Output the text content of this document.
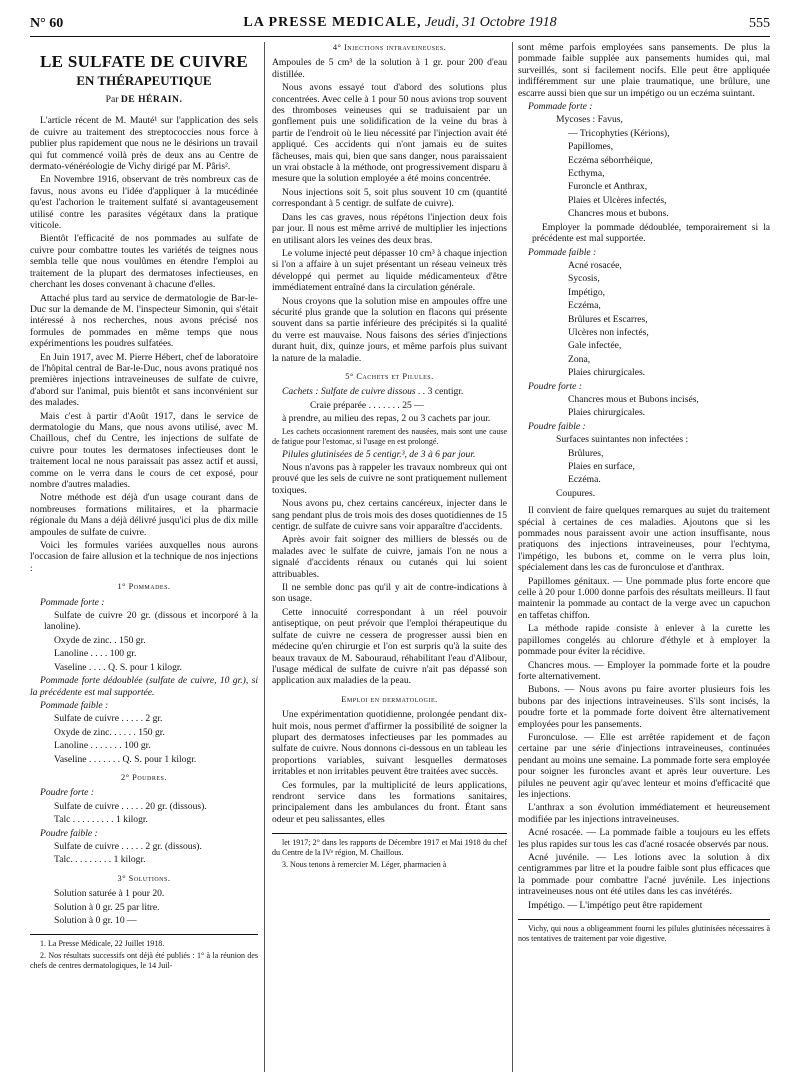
N° 60	LA PRESSE MEDICALE, Jeudi, 31 Octobre 1918	555
LE SULFATE DE CUIVRE
EN THÉRAPEUTIQUE
Par DE HÉRAIN.

L'article récent de M. Mauté¹ sur l'application des sels de cuivre au traitement des streptococcies nous force à publier plus rapidement que nous ne le désirions un travail qui fut commencé voilà près de deux ans au Centre de dermato-vénéréologie de Vichy dirigé par M. Pâris².

En Novembre 1916, observant de très nombreux cas de favus, nous avons eu l'idée d'appliquer à la mucédinée qu'est l'achorion le traitement sulfaté si avantageusement utilisé contre les parasites végétaux dans la pratique viticole.

Bientôt l'efficacité de nos pommades au sulfate de cuivre pour combattre toutes les variétés de teignes nous sembla telle que nous voulûmes en étendre l'emploi au traitement de la plupart des dermatoses infectieuses, en cherchant les doses convenant à chacune d'elles.

Attaché plus tard au service de dermatologie de Bar-le-Duc sur la demande de M. l'inspecteur Simonin, qui s'était intéressé à nos recherches, nous avons précisé nos formules de pommades en même temps que nous expérimentions les poudres sulfatées.

En Juin 1917, avec M. Pierre Hébert, chef de laboratoire de l'hôpital central de Bar-le-Duc, nous avons pratiqué nos premières injections intraveineuses de sulfate de cuivre, d'abord sur l'animal, puis bientôt et sans inconvénient sur des malades.

Mais c'est à partir d'Août 1917, dans le service de dermatologie du Mans, que nous avons utilisé, avec M. Chaillous, chef du Centre, les injections de sulfate de cuivre pour toutes les dermatoses infectieuses dont le traitement local ne nous paraissait pas assez actif et aussi, comme on le verra dans le cours de cet exposé, pour nombre d'autres maladies.

Notre méthode est déjà d'un usage courant dans de nombreuses formations militaires, et la pharmacie régionale du Mans a déjà délivré jusqu'ici plus de dix mille ampoules de sulfate de cuivre.

Voici les formules variées auxquelles nous aurons l'occasion de faire allusion et la technique de nos injections :

1° Pommades.

Pommade forte :

Sulfate de cuivre 20 gr. (dissous et incorporé à la lanoline).

Oxyde de zinc. . 150 gr.

Lanoline . . . . 100 gr.

Vaseline . . . . Q. S. pour 1 kilogr.

Pommade forte dédoublée (sulfate de cuivre, 10 gr.), si la précédente est mal supportée.

Pommade faible :

Sulfate de cuivre . . . . . 2 gr.

Oxyde de zinc. . . . . . 150 gr.

Lanoline . . . . . . . 100 gr.

Vaseline . . . . . . . Q. S. pour 1 kilogr.

2° Poudres.

Poudre forte :

Sulfate de cuivre . . . . . 20 gr. (dissous).

Talc . . . . . . . . . 1 kilogr.

Poudre faible :

Sulfate de cuivre . . . . . 2 gr. (dissous).

Talc. . . . . . . . . 1 kilogr.

3° Solutions.

Solution saturée à 1 pour 20.

Solution à 0 gr. 25 par litre.

Solution à 0 gr. 10 —

1. La Presse Médicale, 22 Juillet 1918.

2. Nos résultats successifs ont déjà été publiés : 1° à la réunion des chefs de centres dermatologiques, le 14 Juil-

4° Injections intraveineuses.

Ampoules de 5 cm³ de la solution à 1 gr. pour 200 d'eau distillée.

Nous avons essayé tout d'abord des solutions plus concentrées. Avec celle à 1 pour 50 nous avions trop souvent des thromboses veineuses qui se traduisaient par un gonflement puis une solidification de la veine du bras à partir de l'endroit où le lieu nécessité par l'injection avait été appliqué. Ces accidents qui n'ont jamais eu de suites fâcheuses, mais qui, bien que sans danger, nous paraissaient un vrai obstacle à la méthode, ont progressivement disparu à mesure que la solution employée a été moins concentrée.

Nous injections soit 5, soit plus souvent 10 cm (quantité correspondant à 5 centigr. de sulfate de cuivre).

Dans les cas graves, nous répétons l'injection deux fois par jour. Il nous est même arrivé de multiplier les injections en utilisant alors les veines des deux bras.

Le volume injecté peut dépasser 10 cm³ à chaque injection si l'on a affaire à un sujet présentant un réseau veineux très développé qui permet au liquide médicamenteux d'être immédiatement entraîné dans la circulation générale.

Nous croyons que la solution mise en ampoules offre une sécurité plus grande que la solution en flacons qui présente souvent dans sa partie inférieure des précipités si la qualité du verre est mauvaise. Nous faisons des séries d'injections durant huit, dix, quinze jours, et même parfois plus suivant la nature de la maladie.

5° Cachets et Pilules.

Cachets : Sulfate de cuivre dissous . . 3 centigr.

Craie préparée . . . . . . . 25 —

à prendre, au milieu des repas, 2 ou 3 cachets par jour.

Les cachets occasionnent rarement des nausées, mais sont une cause de fatigue pour l'estomac, si l'usage en est prolongé.

Pilules glutinisées de 5 centigr.³, de 3 à 6 par jour.

Nous n'avons pas à rappeler les travaux nombreux qui ont prouvé que les sels de cuivre ne sont pratiquement nullement toxiques.

Nous avons pu, chez certains cancéreux, injecter dans le sang pendant plus de trois mois des doses quotidiennes de 15 centigr. de sulfate de cuivre sans voir apparaître d'accidents.

Après avoir fait soigner des milliers de blessés ou de malades avec le sulfate de cuivre, jamais l'on ne nous a signalé d'accidents rénaux ou cutanés qui lui soient attribuables.

Il ne semble donc pas qu'il y ait de contre-indications à son usage.

Cette innocuité correspondant à un réel pouvoir antiseptique, on peut prévoir que l'emploi thérapeutique du sulfate de cuivre ne cessera de progresser aussi bien en médecine qu'en chirurgie et l'on est surpris qu'à la suite des beaux travaux de M. Sabouraud, réhabilitant l'eau d'Alibour, l'usage médical de sulfate de cuivre n'ait pas dépassé son application aux maladies de la peau.

Emploi en dermatologie.

Une expérimentation quotidienne, prolongée pendant dix-huit mois, nous permet d'affirmer la possibilité de soigner la plupart des dermatoses infectieuses par les pommades au sulfate de cuivre. Nous donnons ci-dessous en un tableau les proportions variables, suivant lesquelles dermatoses irritables et non irritables peuvent être traitées avec succès.

Ces formules, par la multiplicité de leurs applications, rendront service dans les formations sanitaires, principalement dans les ambulances du front. Étant sans odeur et peu salissantes, elles

let 1917; 2° dans les rapports de Décembre 1917 et Mai 1918 du chef du Centre de la IVᵉ région, M. Chaillous.

3. Nous tenons à remercier M. Léger, pharmacien à

sont même parfois employées sans pansements. De plus la pommade faible supplée aux pansements humides qui, mal surveillés, sont si facilement nocifs. Elle peut être appliquée indifféremment sur une plaie traumatique, une brûlure, une escarre aussi bien que sur un impétigo ou un eczéma suintant.

Pommade forte :

Mycoses : Favus,

— Tricophyties (Kérions),

Papillomes,

Eczéma séborrhéique,

Ecthyma,

Furoncle et Anthrax,

Plaies et Ulcères infectés,

Chancres mous et bubons.

Employer la pommade dédoublée, temporairement si la précédente est mal supportée.

Pommade faible :

Acné rosacée,

Sycosis,

Impétigo,

Eczéma,

Brûlures et Escarres,

Ulcères non infectés,

Gale infectée,

Zona,

Plaies chirurgicales.

Poudre forte :

Chancres mous et Bubons incisés,

Plaies chirurgicales.

Poudre faible :

Surfaces suintantes non infectées :

Brûlures,

Plaies en surface,

Eczéma.

Coupures.

Il convient de faire quelques remarques au sujet du traitement spécial à certaines de ces maladies. Ajoutons que si les pommades nous paraissent avoir une action insuffisante, nous pratiquons des injections intraveineuses, pour l'echtyma, l'impétigo, les bubons et, comme on le verra plus loin, spécialement dans les cas de furonculose et d'anthrax.

Papillomes génitaux. — Une pommade plus forte encore que celle à 20 pour 1.000 donne parfois des résultats meilleurs. Il faut maintenir la pommade au contact de la verge avec un capuchon en taffetas chiffon.

La méthode rapide consiste à enlever à la curette les papillomes congelés au chlorure d'éthyle et à employer la pommade pour éviter la récidive.

Chancres mous. — Employer la pommade forte et la poudre forte alternativement.

Bubons. — Nous avons pu faire avorter plusieurs fois les bubons par des injections intraveineuses. S'ils sont incisés, la poudre forte et la pommade forte doivent être alternativement employées pour les pansements.

Furonculose. — Elle est arrêtée rapidement et de façon certaine par une série d'injections intraveineuses, continuées pendant au moins une semaine. La pommade forte sera employée pour soigner les furoncles avant et après leur ouverture. Les pilules ne peuvent agir qu'avec lenteur et moins d'efficacité que les injections.

L'anthrax a son évolution immédiatement et heureusement modifiée par les injections intraveineuses.

Acné rosacée. — La pommade faible a toujours eu les effets les plus rapides sur tous les cas d'acné rosacée observés par nous.

Acné juvénile. — Les lotions avec la solution à dix centigrammes par litre et la poudre faible sont plus efficaces que la pommade pour combattre l'acné juvénile. Les injections intraveineuses nous ont été utiles dans les cas invétérés.

Impétigo. — L'impétigo peut être rapidement

Vichy, qui nous a obligeamment fourni les pilules glutinisées nécessaires à nos tentatives de traitement par voie digestive.
